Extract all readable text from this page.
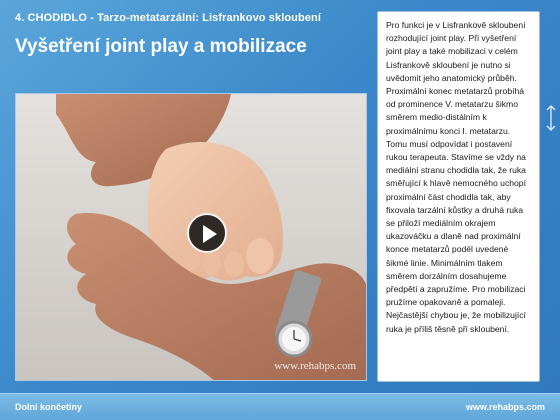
4. CHODIDLO - Tarzo-metatarzální: Lisfrankovo skloubení
Vyšetření joint play a mobilizace
www.rehabps.com

Pro funkci je v Lisfrankově skloubení rozhodující joint play. Při vyšetření joint play a také mobilizaci v celém Lisfrankově skloubení je nutno si uvědomit jeho anatomický průběh. Proximální konec metatarzů probíhá od prominence V. metatarzu šikmo směrem medio-distálním k proximálnímu konci I. metatarzu. Tomu musí odpovídat i postavení rukou terapeuta. Stavíme se vždy na mediální stranu chodidla tak, že ruka směřující k hlavě nemocného uchopí proximální část chodidla tak, aby fixovala tarzální kůstky a druhá ruka se přiloží mediálním okrajem ukazováčku a dlaně nad proximální konce metatarzů podél uvedené šikmé linie. Minimálním tlakem směrem dorzálním dosahujeme předpětí a zapružíme. Pro mobilizaci pružíme opakovaně a pomaleji. Nejčastější chybou je, že mobilizující ruka je příliš těsně při skloubení.

Dolní končetiny	www.rehabps.com
